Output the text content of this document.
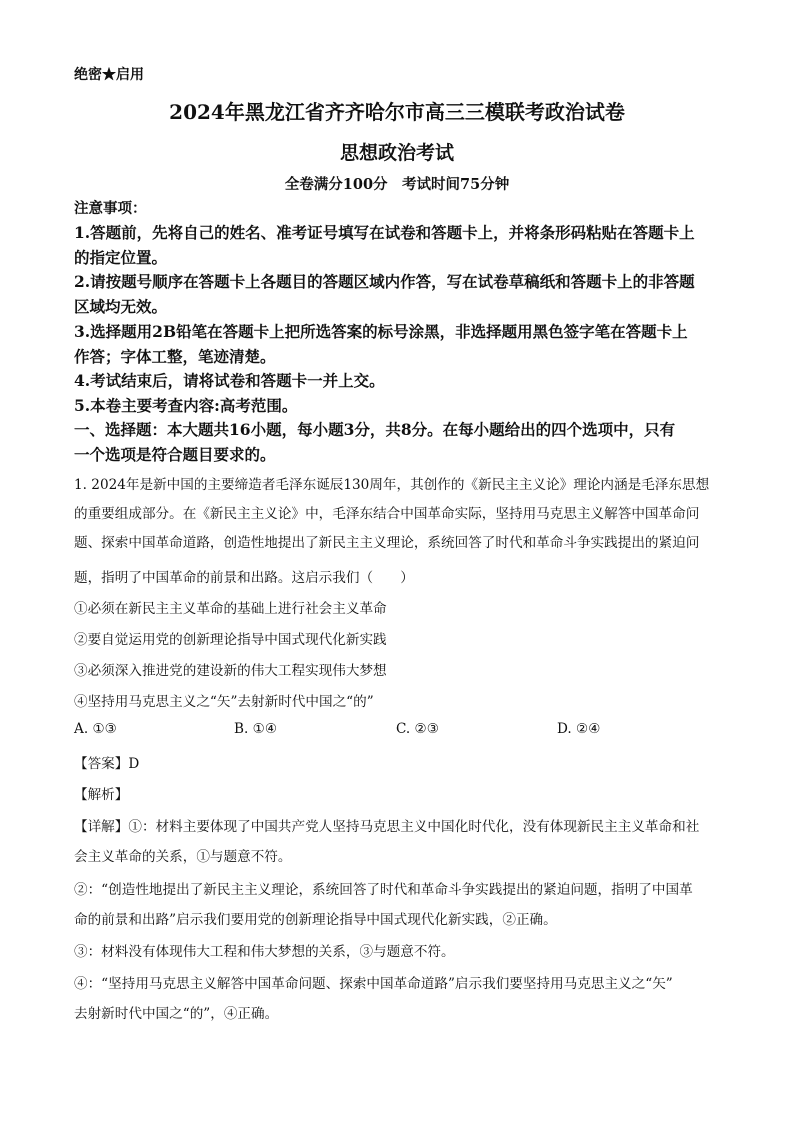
绝密★启用
2024年黑龙江省齐齐哈尔市高三三模联考政治试卷
思想政治考试
全卷满分100分　考试时间75分钟
注意事项：
1.答题前，先将自己的姓名、准考证号填写在试卷和答题卡上，并将条形码粘贴在答题卡上
的指定位置。
2.请按题号顺序在答题卡上各题目的答题区域内作答，写在试卷草稿纸和答题卡上的非答题
区域均无效。
3.选择题用2B铅笔在答题卡上把所选答案的标号涂黑，非选择题用黑色签字笔在答题卡上
作答；字体工整，笔迹清楚。
4.考试结束后，请将试卷和答题卡一并上交。
5.本卷主要考查内容:高考范围。
一、选择题：本大题共16小题，每小题3分，共8分。在每小题给出的四个选项中，只有
一个选项是符合题目要求的。
1. 2024年是新中国的主要缔造者毛泽东诞辰130周年，其创作的《新民主主义论》理论内涵是毛泽东思想
的重要组成部分。在《新民主主义论》中，毛泽东结合中国革命实际，坚持用马克思主义解答中国革命问
题、探索中国革命道路，创造性地提出了新民主主义理论，系统回答了时代和革命斗争实践提出的紧迫问
题，指明了中国革命的前景和出路。这启示我们（　　）
①必须在新民主主义革命的基础上进行社会主义革命
②要自觉运用党的创新理论指导中国式现代化新实践
③必须深入推进党的建设新的伟大工程实现伟大梦想
④坚持用马克思主义之“矢”去射新时代中国之“的”
A. ①③	B. ①④	C. ②③	D. ②④
【答案】D
【解析】
【详解】①：材料主要体现了中国共产党人坚持马克思主义中国化时代化，没有体现新民主主义革命和社
会主义革命的关系，①与题意不符。
②：“创造性地提出了新民主主义理论，系统回答了时代和革命斗争实践提出的紧迫问题，指明了中国革
命的前景和出路”启示我们要用党的创新理论指导中国式现代化新实践，②正确。
③：材料没有体现伟大工程和伟大梦想的关系，③与题意不符。
④：“坚持用马克思主义解答中国革命问题、探索中国革命道路”启示我们要坚持用马克思主义之“矢”
去射新时代中国之“的”，④正确。
